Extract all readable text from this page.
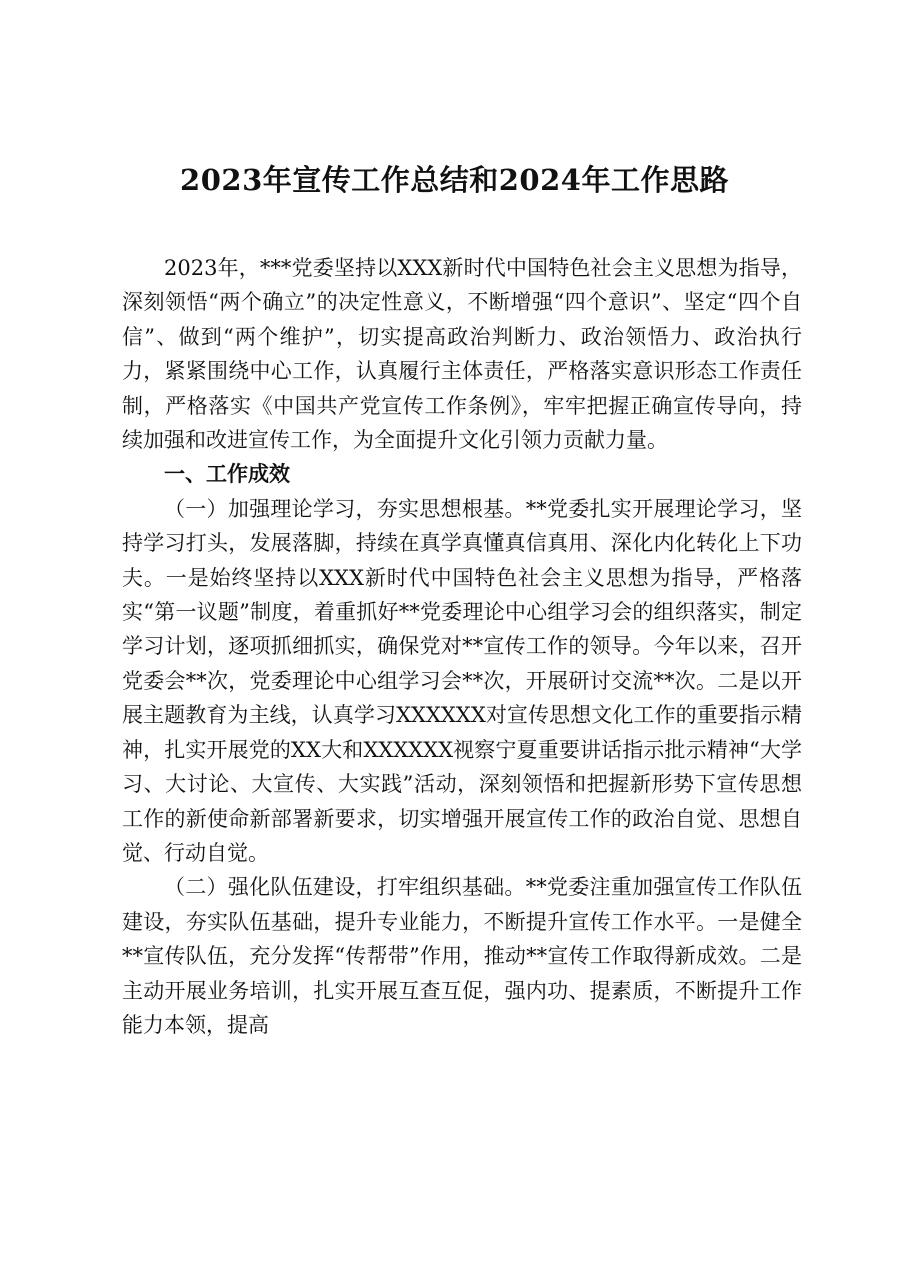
2023年宣传工作总结和2024年工作思路

2023年，***党委坚持以XXX新时代中国特色社会主义思想为指导，深刻领悟“两个确立”的决定性意义，不断增强“四个意识”、坚定“四个自信”、做到“两个维护”，切实提高政治判断力、政治领悟力、政治执行力，紧紧围绕中心工作，认真履行主体责任，严格落实意识形态工作责任制，严格落实《中国共产党宣传工作条例》，牢牢把握正确宣传导向，持续加强和改进宣传工作，为全面提升文化引领力贡献力量。

一、工作成效

（一）加强理论学习，夯实思想根基。**党委扎实开展理论学习，坚持学习打头，发展落脚，持续在真学真懂真信真用、深化内化转化上下功夫。一是始终坚持以XXX新时代中国特色社会主义思想为指导，严格落实“第一议题”制度，着重抓好**党委理论中心组学习会的组织落实，制定学习计划，逐项抓细抓实，确保党对**宣传工作的领导。今年以来，召开党委会**次，党委理论中心组学习会**次，开展研讨交流**次。二是以开展主题教育为主线，认真学习XXXXXX对宣传思想文化工作的重要指示精神，扎实开展党的XX大和XXXXXX视察宁夏重要讲话指示批示精神“大学习、大讨论、大宣传、大实践”活动，深刻领悟和把握新形势下宣传思想工作的新使命新部署新要求，切实增强开展宣传工作的政治自觉、思想自觉、行动自觉。

（二）强化队伍建设，打牢组织基础。**党委注重加强宣传工作队伍建设，夯实队伍基础，提升专业能力，不断提升宣传工作水平。一是健全**宣传队伍，充分发挥“传帮带”作用，推动**宣传工作取得新成效。二是主动开展业务培训，扎实开展互查互促，强内功、提素质，不断提升工作能力本领，提高
